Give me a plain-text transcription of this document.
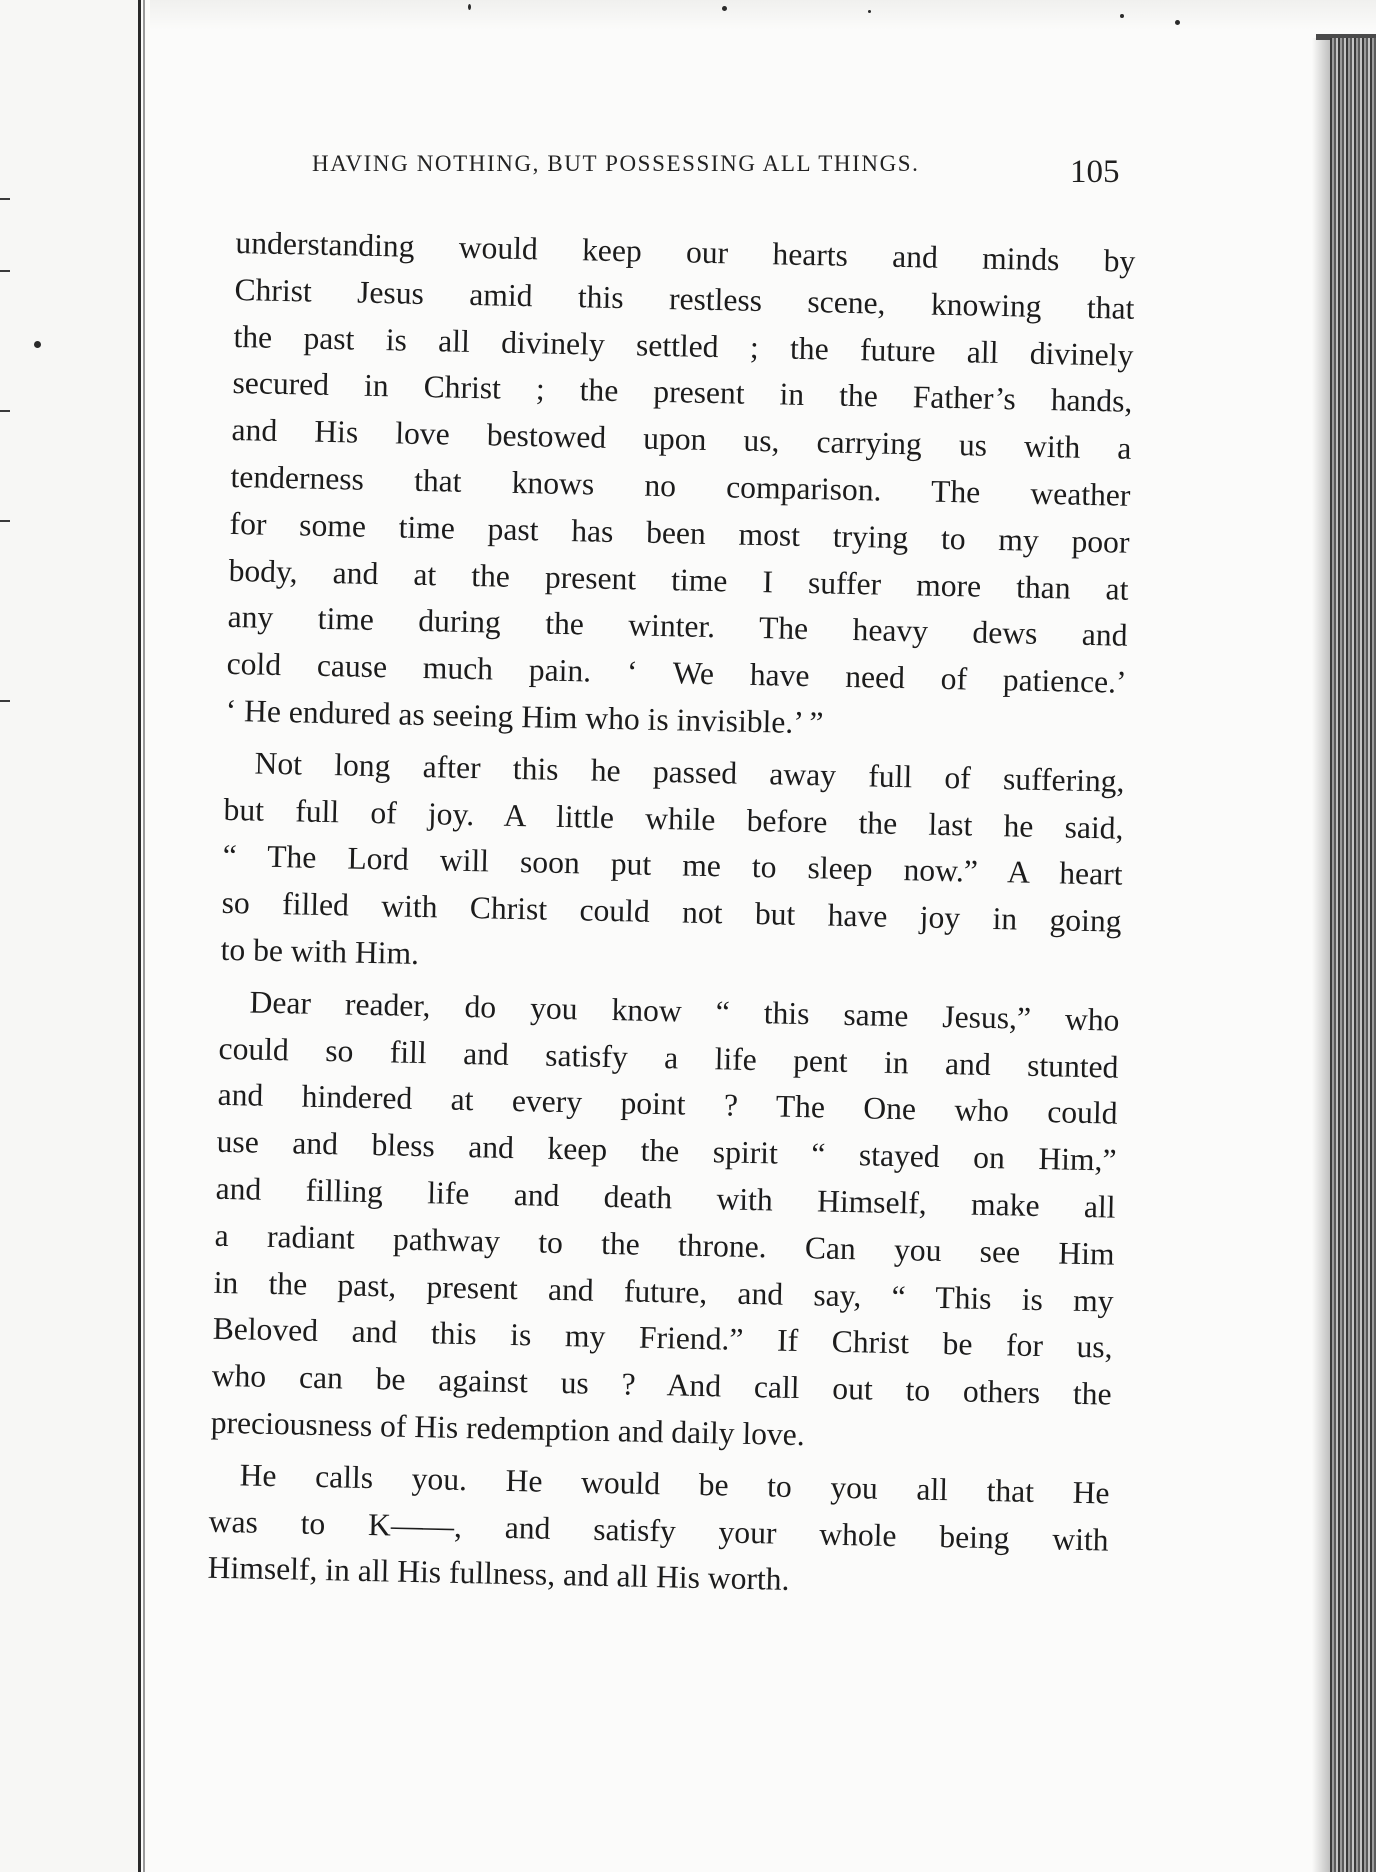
HAVING NOTHING, BUT POSSESSING ALL THINGS.	105

understanding would keep our hearts and minds by
Christ Jesus amid this restless scene, knowing that
the past is all divinely settled ; the future all divinely
secured in Christ ; the present in the Father’s hands,
and His love bestowed upon us, carrying us with a
tenderness that knows no comparison. The weather
for some time past has been most trying to my poor
body, and at the present time I suffer more than at
any time during the winter. The heavy dews and
cold cause much pain. ‘ We have need of patience.’
‘ He endured as seeing Him who is invisible.’ ”

Not long after this he passed away full of suffering,
but full of joy. A little while before the last he said,
“ The Lord will soon put me to sleep now.” A heart
so filled with Christ could not but have joy in going
to be with Him.

Dear reader, do you know “ this same Jesus,” who
could so fill and satisfy a life pent in and stunted
and hindered at every point ? The One who could
use and bless and keep the spirit “ stayed on Him,”
and filling life and death with Himself, make all
a radiant pathway to the throne. Can you see Him
in the past, present and future, and say, “ This is my
Beloved and this is my Friend.” If Christ be for us,
who can be against us ? And call out to others the
preciousness of His redemption and daily love.

He calls you. He would be to you all that He
was to K——, and satisfy your whole being with
Himself, in all His fullness, and all His worth.
